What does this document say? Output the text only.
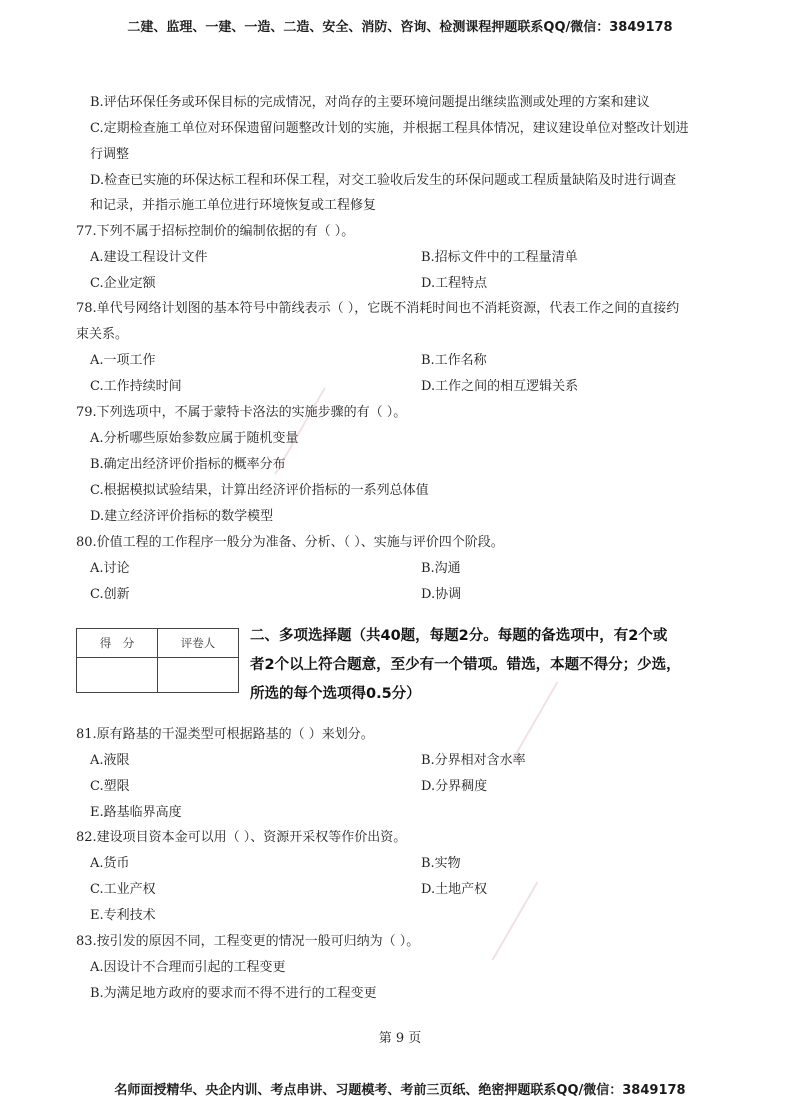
二建、监理、一建、一造、二造、安全、消防、咨询、检测课程押题联系QQ/微信：3849178
B.评估环保任务或环保目标的完成情况，对尚存的主要环境问题提出继续监测或处理的方案和建议
C.定期检查施工单位对环保遗留问题整改计划的实施，并根据工程具体情况，建议建设单位对整改计划进
行调整
D.检查已实施的环保达标工程和环保工程，对交工验收后发生的环保问题或工程质量缺陷及时进行调查
和记录，并指示施工单位进行环境恢复或工程修复
77.下列不属于招标控制价的编制依据的有（ ）。
A.建设工程设计文件	B.招标文件中的工程量清单
C.企业定额	D.工程特点
78.单代号网络计划图的基本符号中箭线表示（ ），它既不消耗时间也不消耗资源，代表工作之间的直接约
束关系。
A.一项工作	B.工作名称
C.工作持续时间	D.工作之间的相互逻辑关系
79.下列选项中，不属于蒙特卡洛法的实施步骤的有（ ）。
A.分析哪些原始参数应属于随机变量
B.确定出经济评价指标的概率分布
C.根据模拟试验结果，计算出经济评价指标的一系列总体值
D.建立经济评价指标的数学模型
80.价值工程的工作程序一般分为准备、分析、（ ）、实施与评价四个阶段。
A.讨论	B.沟通
C.创新	D.协调
得　分	评卷人
	二、多项选择题（共40题，每题2分。每题的备选项中，有2个或
者2个以上符合题意，至少有一个错项。错选，本题不得分；少选，
所选的每个选项得0.5分）
81.原有路基的干湿类型可根据路基的（ ）来划分。
A.液限	B.分界相对含水率
C.塑限	D.分界稠度
E.路基临界高度
82.建设项目资本金可以用（ ）、资源开采权等作价出资。
A.货币	B.实物
C.工业产权	D.土地产权
E.专利技术
83.按引发的原因不同，工程变更的情况一般可归纳为（ ）。
A.因设计不合理而引起的工程变更
B.为满足地方政府的要求而不得不进行的工程变更
第 9 页
名师面授精华、央企内训、考点串讲、习题模考、考前三页纸、绝密押题联系QQ/微信：3849178
